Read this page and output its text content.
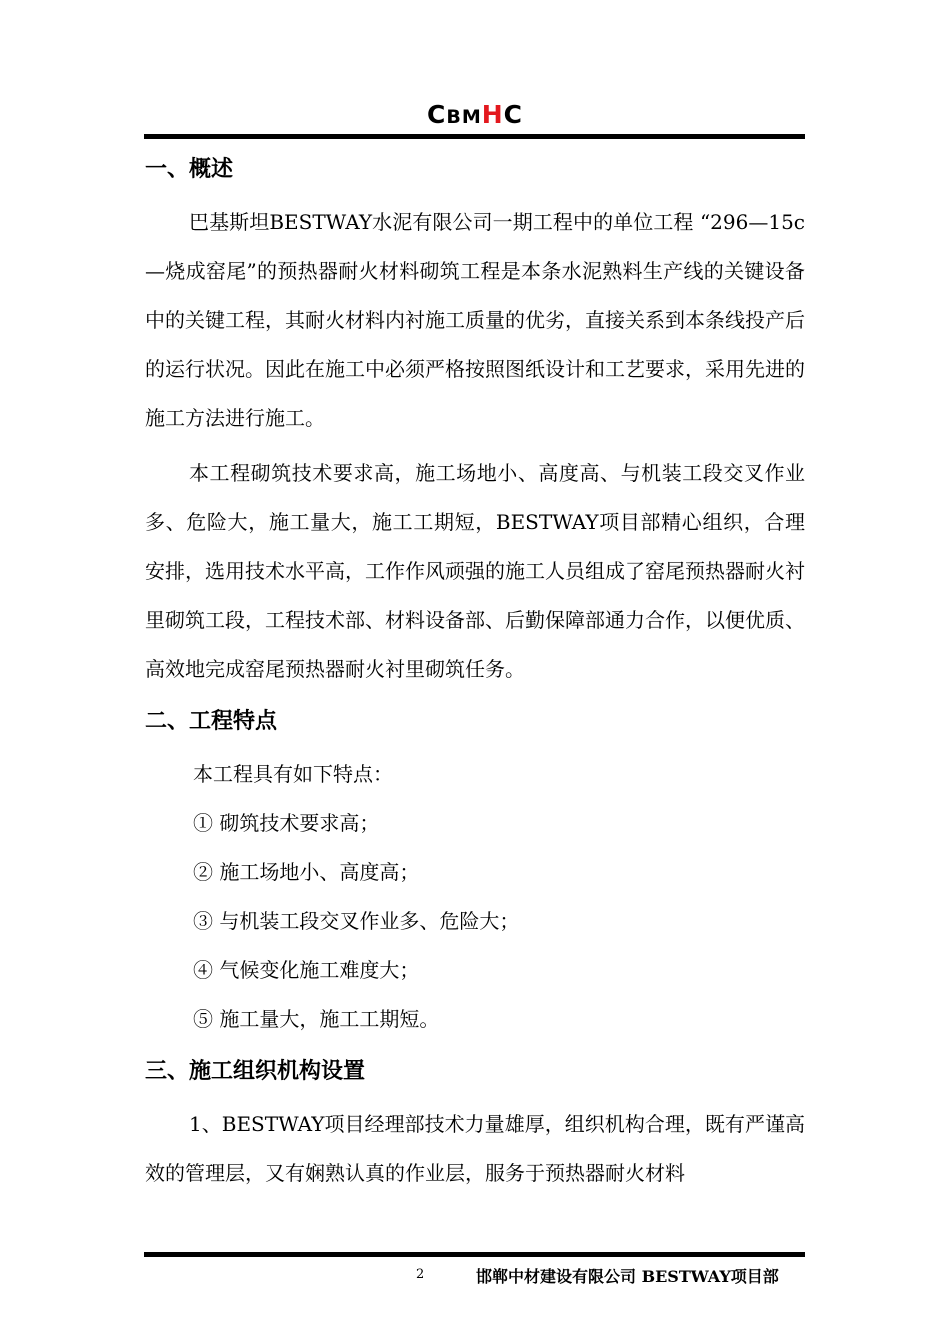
CBMHC
一、概述

巴基斯坦BESTWAY水泥有限公司一期工程中的单位工程 “296—15c—烧成窑尾”的预热器耐火材料砌筑工程是本条水泥熟料生产线的关键设备中的关键工程，其耐火材料内衬施工质量的优劣，直接关系到本条线投产后的运行状况。因此在施工中必须严格按照图纸设计和工艺要求，采用先进的施工方法进行施工。

本工程砌筑技术要求高，施工场地小、高度高、与机装工段交叉作业多、危险大，施工量大，施工工期短，BESTWAY项目部精心组织，合理安排，选用技术水平高，工作作风顽强的施工人员组成了窑尾预热器耐火衬里砌筑工段，工程技术部、材料设备部、后勤保障部通力合作，以便优质、高效地完成窑尾预热器耐火衬里砌筑任务。

二、工程特点

本工程具有如下特点：

① 砌筑技术要求高；

② 施工场地小、高度高；

③ 与机装工段交叉作业多、危险大；

④ 气候变化施工难度大；

⑤ 施工量大，施工工期短。

三、施工组织机构设置

1、BESTWAY项目经理部技术力量雄厚，组织机构合理，既有严谨高效的管理层，又有娴熟认真的作业层，服务于预热器耐火材料

2	邯郸中材建设有限公司 BESTWAY项目部
